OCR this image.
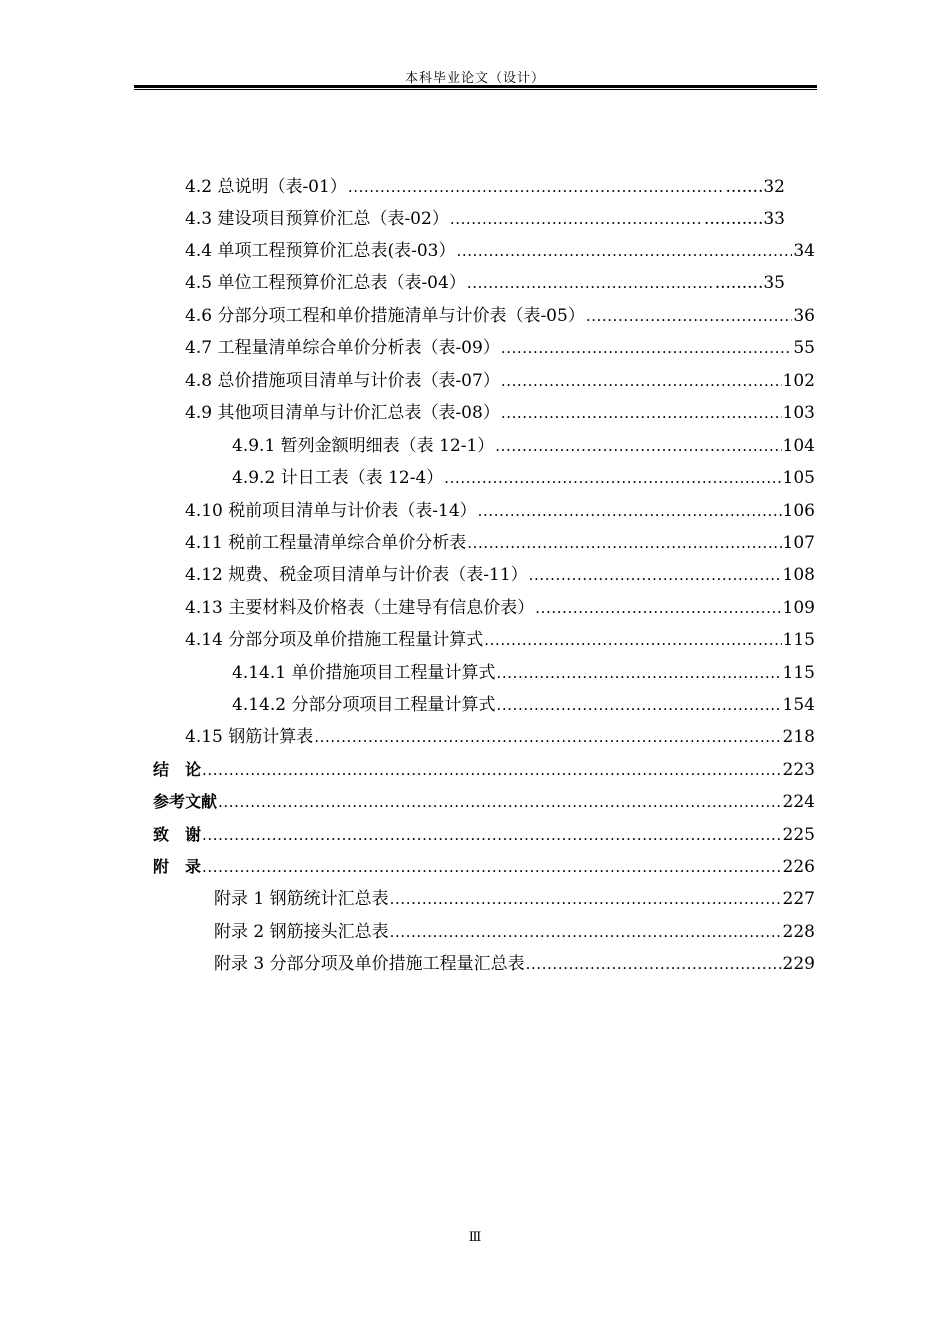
本科毕业论文（设计）
4.2 总说明（表-01） .....	.......32
4.3 建设项目预算价汇总（表-02） .....	...........33
4.4 单项工程预算价汇总表(表-03） .....	34
4.5 单位工程预算价汇总表（表-04） .....	.........35
4.6 分部分项工程和单价措施清单与计价表（表-05） .....	36
4.7 工程量清单综合单价分析表（表-09） .....	55
4.8 总价措施项目清单与计价表（表-07） .....	102
4.9 其他项目清单与计价汇总表（表-08） .....	103
4.9.1 暂列金额明细表（表 12-1） .....	104
4.9.2 计日工表（表 12-4） .....	105
4.10 税前项目清单与计价表（表-14） .....	106
4.11 税前工程量清单综合单价分析表 .....	107
4.12 规费、税金项目清单与计价表（表-11） .....	108
4.13 主要材料及价格表（土建导有信息价表） .....	109
4.14 分部分项及单价措施工程量计算式 .....	115
4.14.1 单价措施项目工程量计算式 .....	115
4.14.2 分部分项项目工程量计算式 .....	154
4.15 钢筋计算表 .....	218
结　论 .....	223
参考文献 .....	224
致　谢 .....	225
附　录 .....	226
附录 1 钢筋统计汇总表 .....	227
附录 2 钢筋接头汇总表 .....	228
附录 3 分部分项及单价措施工程量汇总表 .....	229
Ⅲ
